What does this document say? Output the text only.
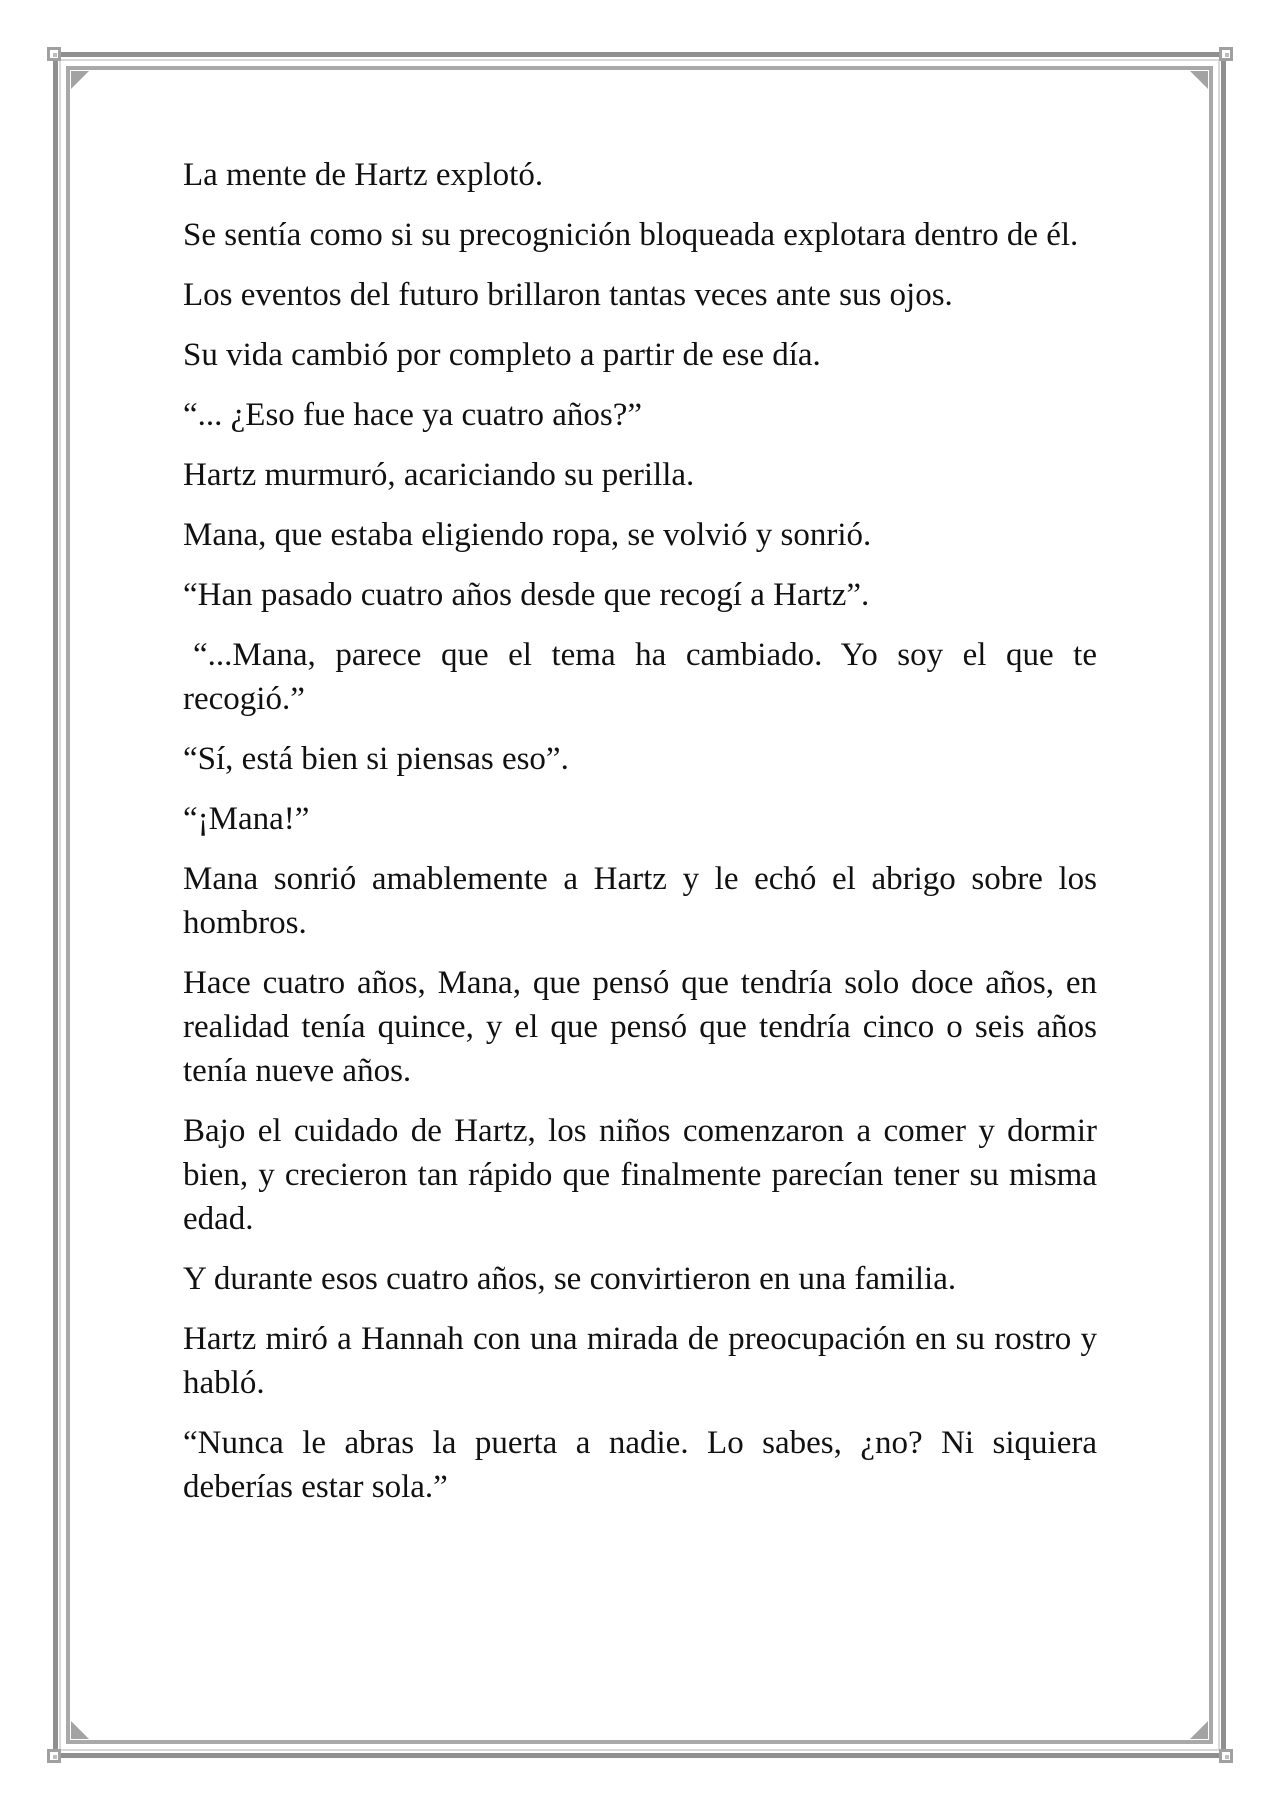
La mente de Hartz explotó.

Se sentía como si su precognición bloqueada explotara dentro de él.

Los eventos del futuro brillaron tantas veces ante sus ojos.

Su vida cambió por completo a partir de ese día.

“... ¿Eso fue hace ya cuatro años?”

Hartz murmuró, acariciando su perilla.

Mana, que estaba eligiendo ropa, se volvió y sonrió.

“Han pasado cuatro años desde que recogí a Hartz”.

“...Mana, parece que el tema ha cambiado. Yo soy el que te recogió.”

“Sí, está bien si piensas eso”.

“¡Mana!”

Mana sonrió amablemente a Hartz y le echó el abrigo sobre los hombros.

Hace cuatro años, Mana, que pensó que tendría solo doce años, en realidad tenía quince, y el que pensó que tendría cinco o seis años tenía nueve años.

Bajo el cuidado de Hartz, los niños comenzaron a comer y dormir bien, y crecieron tan rápido que finalmente parecían tener su misma edad.

Y durante esos cuatro años, se convirtieron en una familia.

Hartz miró a Hannah con una mirada de preocupación en su rostro y habló.

“Nunca le abras la puerta a nadie. Lo sabes, ¿no? Ni siquiera deberías estar sola.”
